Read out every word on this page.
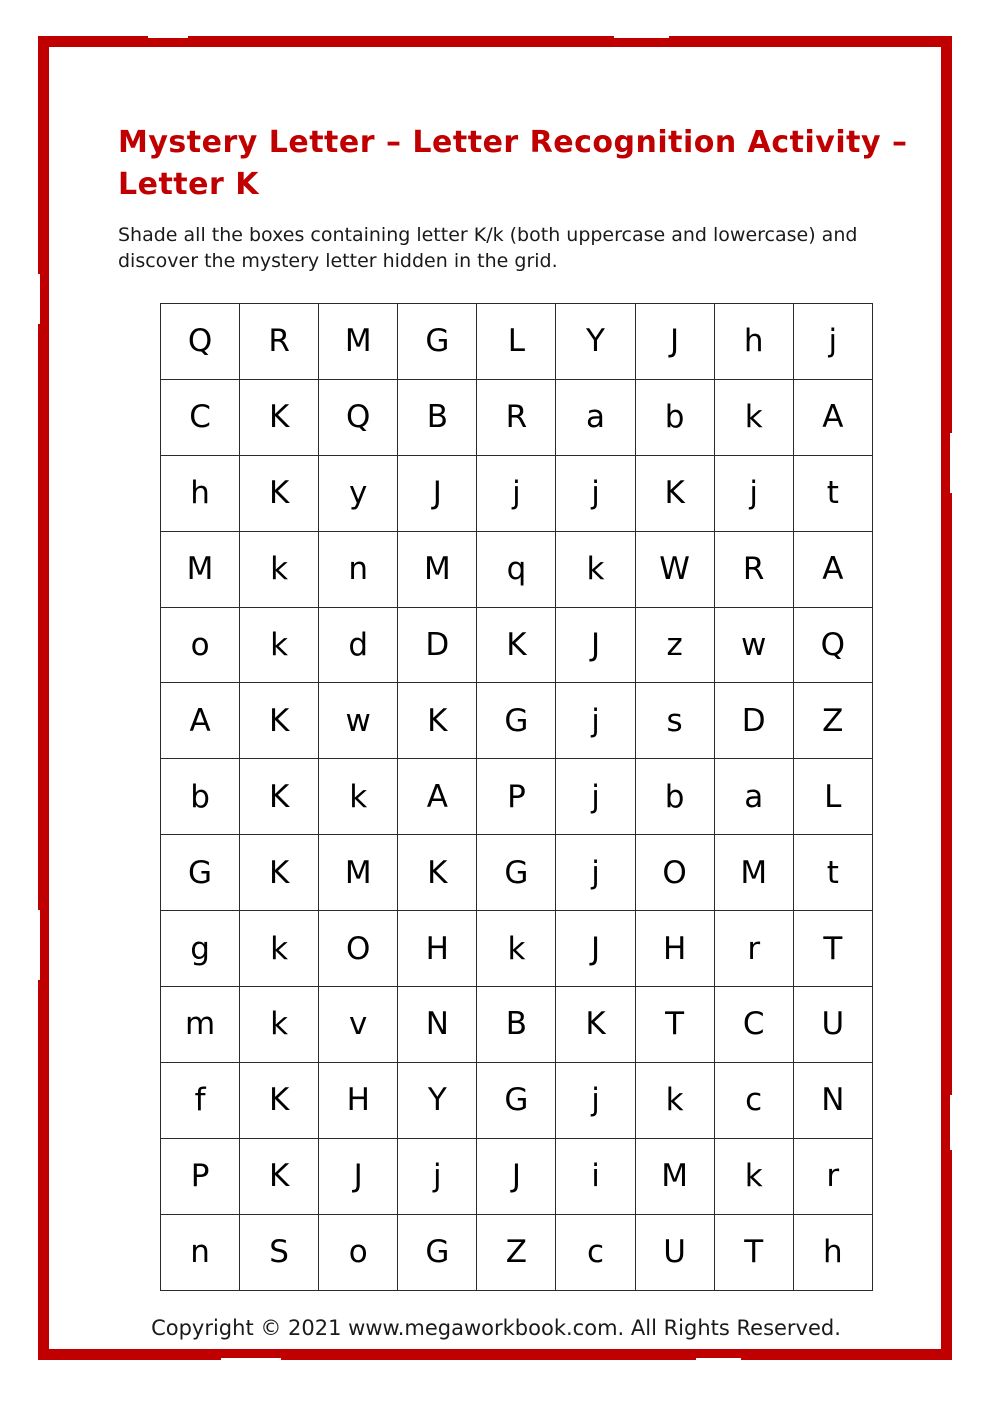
Mystery Letter – Letter Recognition Activity – Letter K

Shade all the boxes containing letter K/k (both uppercase and lowercase) and discover the mystery letter hidden in the grid.

Q	R	M	G	L	Y	J	h	j
C	K	Q	B	R	a	b	k	A
h	K	y	J	j	j	K	j	t
M	k	n	M	q	k	W	R	A
o	k	d	D	K	J	z	w	Q
A	K	w	K	G	j	s	D	Z
b	K	k	A	P	j	b	a	L
G	K	M	K	G	j	O	M	t
g	k	O	H	k	J	H	r	T
m	k	v	N	B	K	T	C	U
f	K	H	Y	G	j	k	c	N
P	K	J	j	J	i	M	k	r
n	S	o	G	Z	c	U	T	h
Copyright © 2021 www.megaworkbook.com. All Rights Reserved.
